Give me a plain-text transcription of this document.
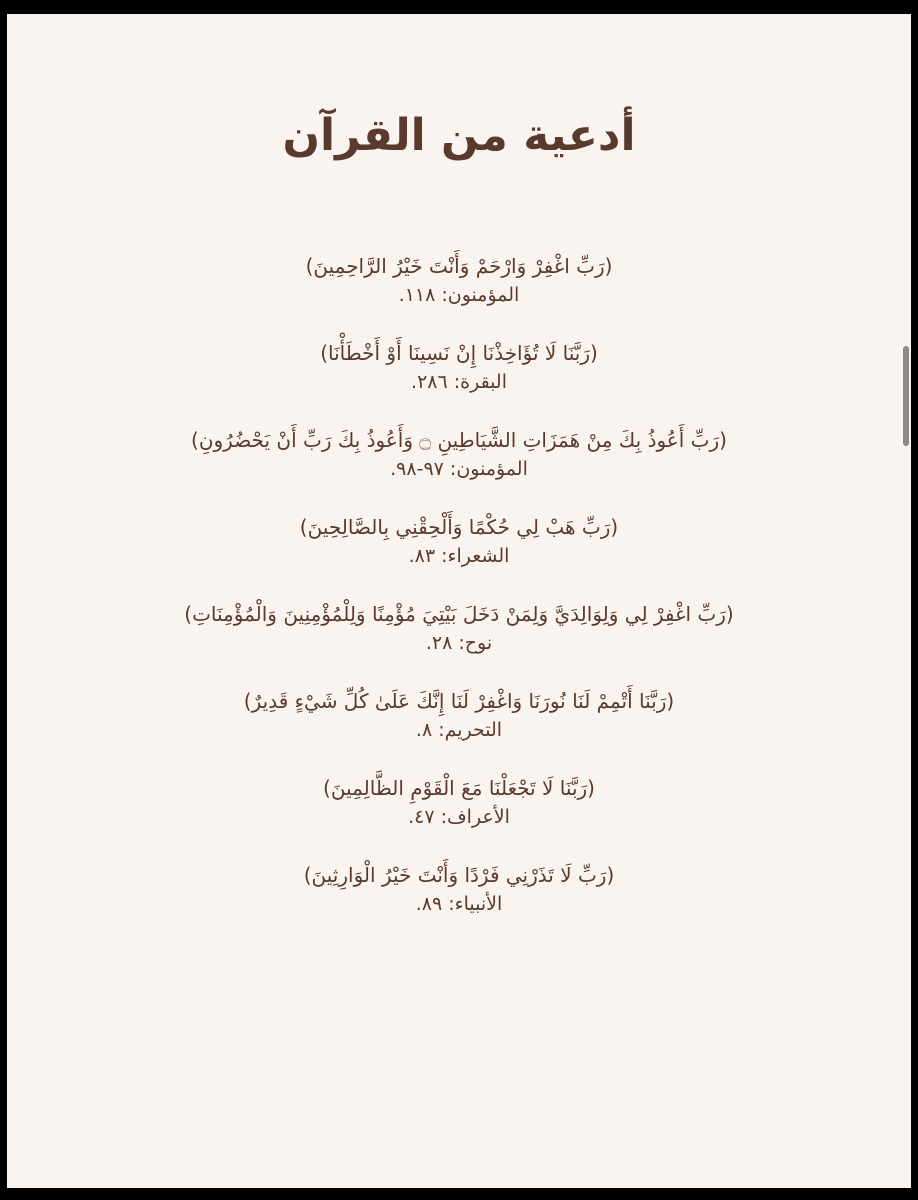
أدعية من القرآن
(رَبِّ اغْفِرْ وَارْحَمْ وَأَنْتَ خَيْرُ الرَّاحِمِينَ)
المؤمنون: ١١٨.
(رَبَّنَا لَا تُؤَاخِذْنَا إِنْ نَسِينَا أَوْ أَخْطَأْنَا)
البقرة: ٢٨٦.
(رَبِّ أَعُوذُ بِكَ مِنْ هَمَزَاتِ الشَّيَاطِينِ ۝ وَأَعُوذُ بِكَ رَبِّ أَنْ يَحْضُرُونِ)
المؤمنون: ٩٧-٩٨.
(رَبِّ هَبْ لِي حُكْمًا وَأَلْحِقْنِي بِالصَّالِحِينَ)
الشعراء: ٨٣.
(رَبِّ اغْفِرْ لِي وَلِوَالِدَيَّ وَلِمَنْ دَخَلَ بَيْتِيَ مُؤْمِنًا وَلِلْمُؤْمِنِينَ وَالْمُؤْمِنَاتِ)
نوح: ٢٨.
(رَبَّنَا أَتْمِمْ لَنَا نُورَنَا وَاغْفِرْ لَنَا إِنَّكَ عَلَىٰ كُلِّ شَيْءٍ قَدِيرٌ)
التحريم: ٨.
(رَبَّنَا لَا تَجْعَلْنَا مَعَ الْقَوْمِ الظَّالِمِينَ)
الأعراف: ٤٧.
(رَبِّ لَا تَذَرْنِي فَرْدًا وَأَنْتَ خَيْرُ الْوَارِثِينَ)
الأنبياء: ٨٩.
